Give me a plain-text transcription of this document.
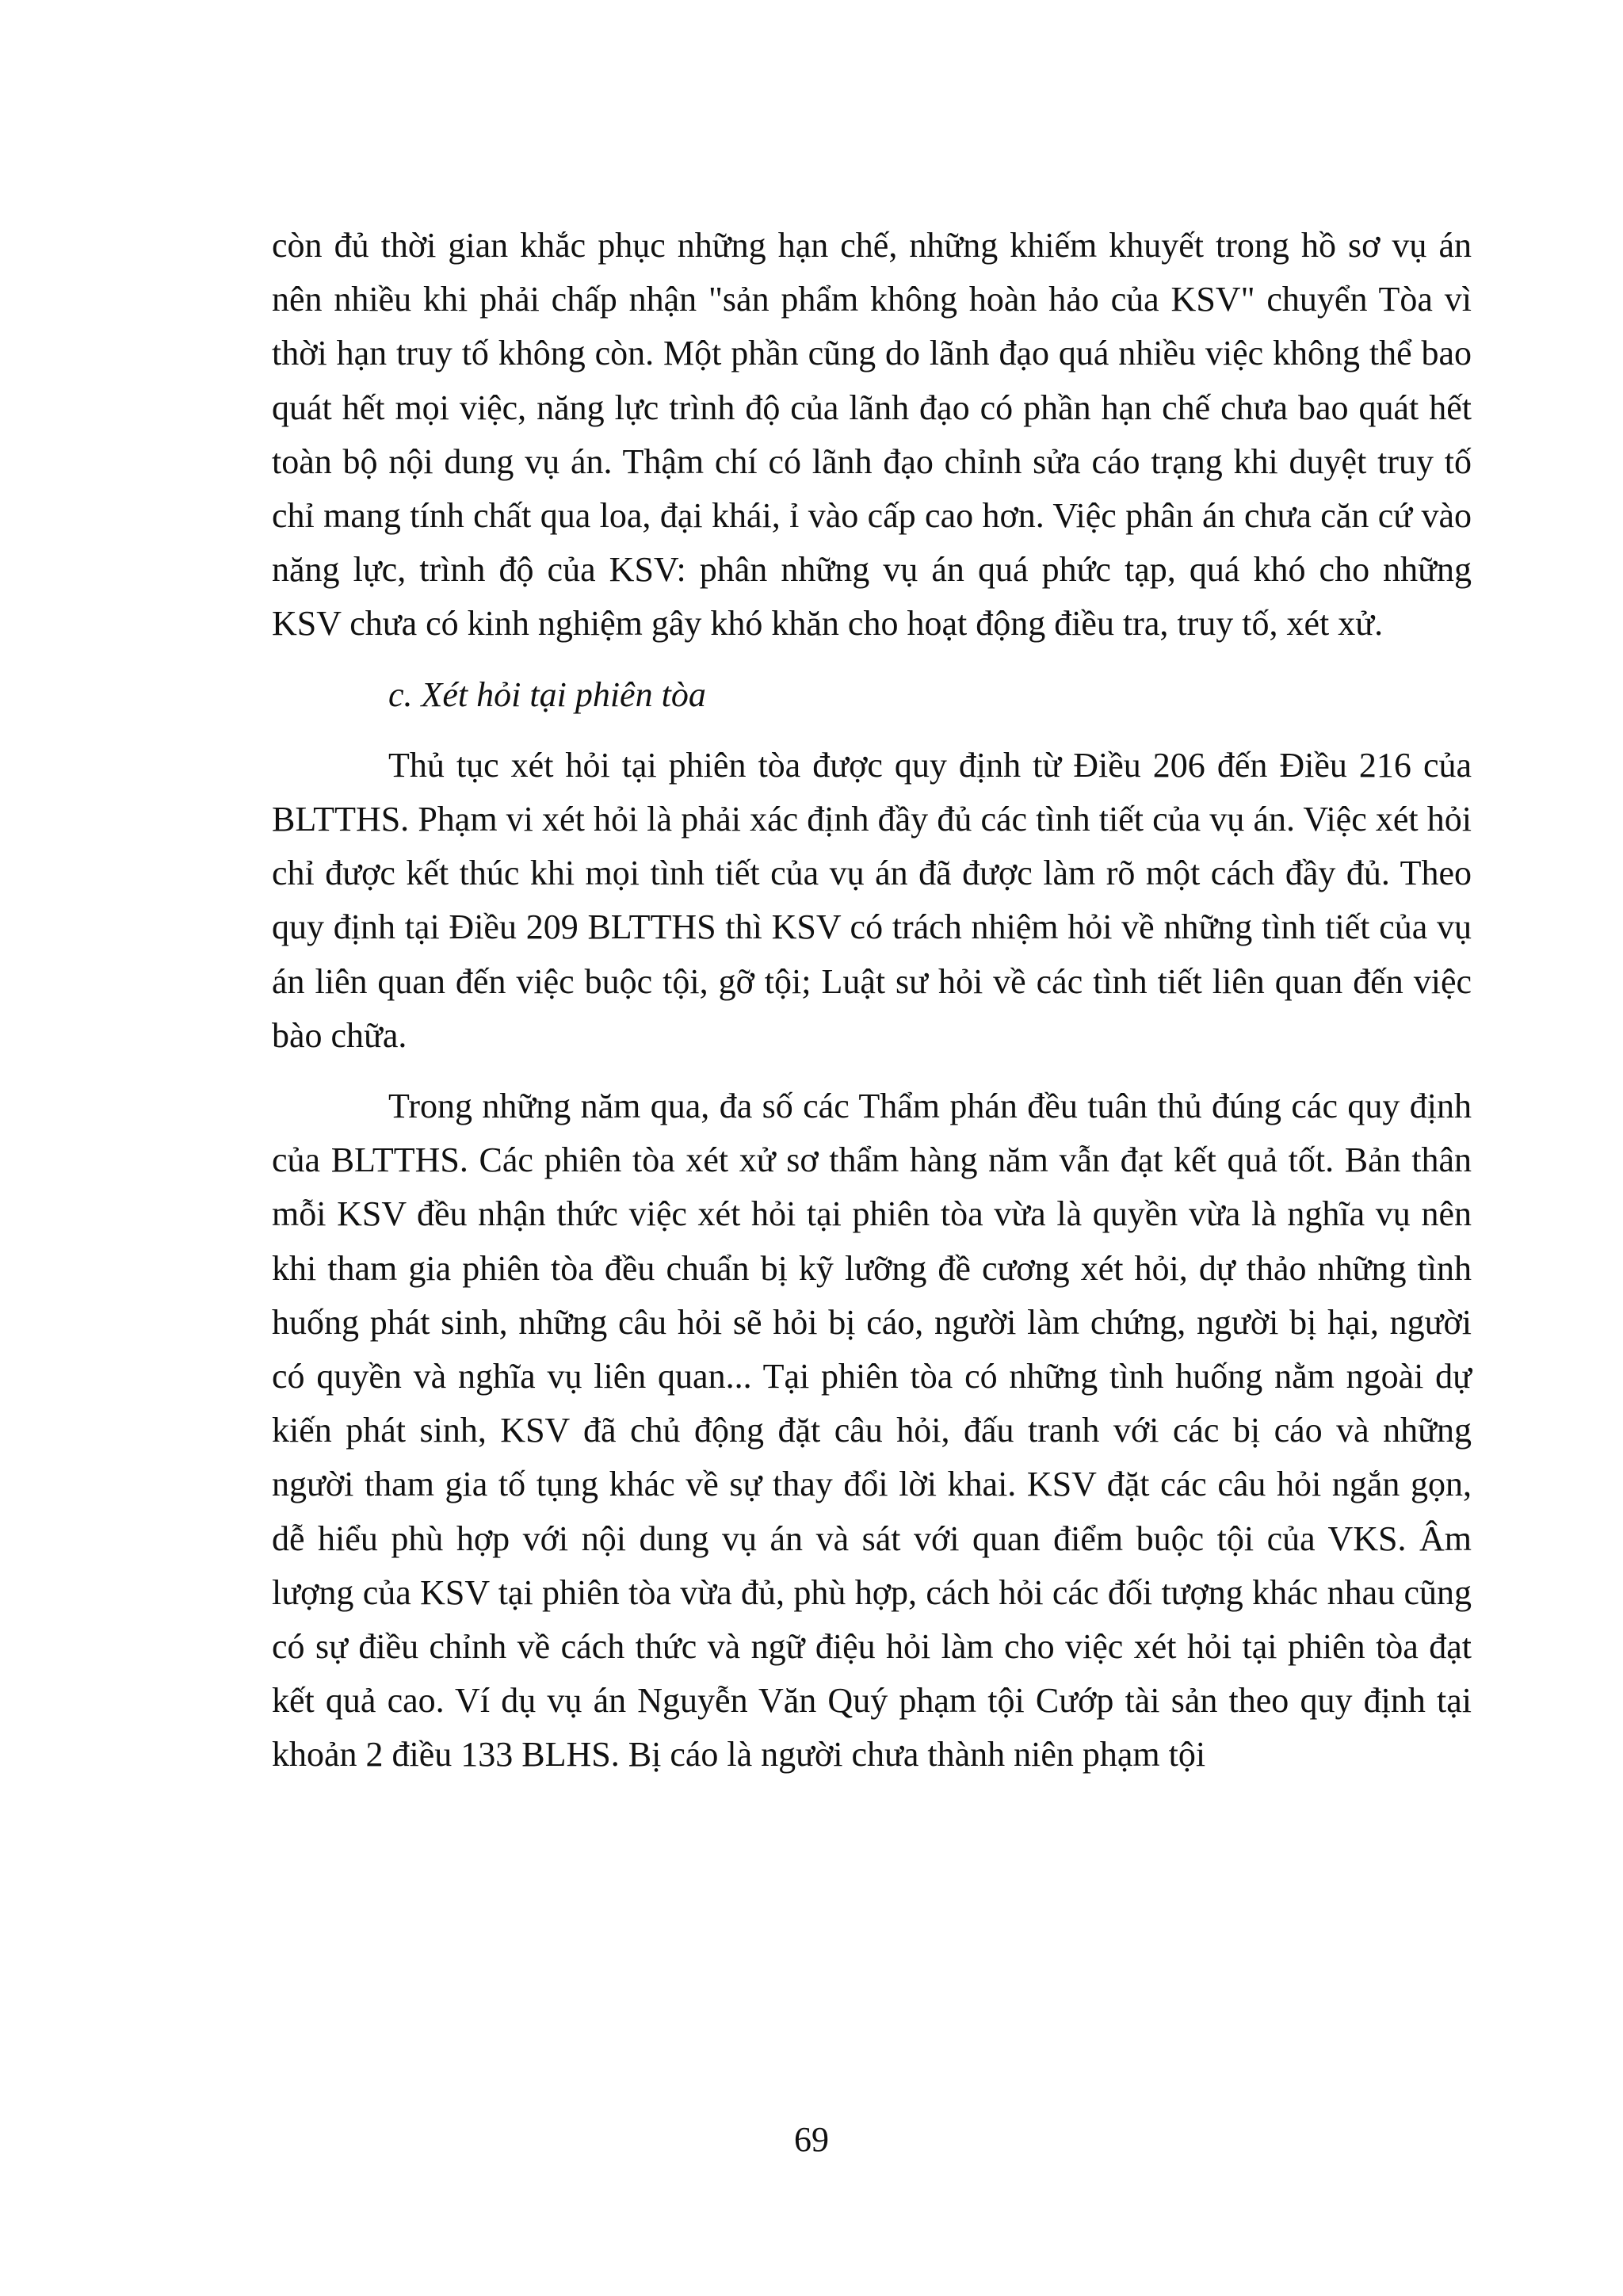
còn đủ thời gian khắc phục những hạn chế, những khiếm khuyết trong hồ sơ vụ án nên nhiều khi phải chấp nhận "sản phẩm không hoàn hảo của KSV" chuyển Tòa vì thời hạn truy tố không còn. Một phần cũng do lãnh đạo quá nhiều việc không thể bao quát hết mọi việc, năng lực trình độ của lãnh đạo có phần hạn chế chưa bao quát hết toàn bộ nội dung vụ án. Thậm chí có lãnh đạo chỉnh sửa cáo trạng khi duyệt truy tố chỉ mang tính chất qua loa, đại khái, ỉ vào cấp cao hơn. Việc phân án chưa căn cứ vào năng lực, trình độ của KSV: phân những vụ án quá phức tạp, quá khó cho những KSV chưa có kinh nghiệm gây khó khăn cho hoạt động điều tra, truy tố, xét xử.

c. Xét hỏi tại phiên tòa

Thủ tục xét hỏi tại phiên tòa được quy định từ Điều 206 đến Điều 216 của BLTTHS. Phạm vi xét hỏi là phải xác định đầy đủ các tình tiết của vụ án. Việc xét hỏi chỉ được kết thúc khi mọi tình tiết của vụ án đã được làm rõ một cách đầy đủ. Theo quy định tại Điều 209 BLTTHS thì KSV có trách nhiệm hỏi về những tình tiết của vụ án liên quan đến việc buộc tội, gỡ tội; Luật sư hỏi về các tình tiết liên quan đến việc bào chữa.

Trong những năm qua, đa số các Thẩm phán đều tuân thủ đúng các quy định của BLTTHS. Các phiên tòa xét xử sơ thẩm hàng năm vẫn đạt kết quả tốt. Bản thân mỗi KSV đều nhận thức việc xét hỏi tại phiên tòa vừa là quyền vừa là nghĩa vụ nên khi tham gia phiên tòa đều chuẩn bị kỹ lưỡng đề cương xét hỏi, dự thảo những tình huống phát sinh, những câu hỏi sẽ hỏi bị cáo, người làm chứng, người bị hại, người có quyền và nghĩa vụ liên quan... Tại phiên tòa có những tình huống nằm ngoài dự kiến phát sinh, KSV đã chủ động đặt câu hỏi, đấu tranh với các bị cáo và những người tham gia tố tụng khác về sự thay đổi lời khai. KSV đặt các câu hỏi ngắn gọn, dễ hiểu phù hợp với nội dung vụ án và sát với quan điểm buộc tội của VKS. Âm lượng của KSV tại phiên tòa vừa đủ, phù hợp, cách hỏi các đối tượng khác nhau cũng có sự điều chỉnh về cách thức và ngữ điệu hỏi làm cho việc xét hỏi tại phiên tòa đạt kết quả cao. Ví dụ vụ án Nguyễn Văn Quý phạm tội Cướp tài sản theo quy định tại khoản 2 điều 133 BLHS. Bị cáo là người chưa thành niên phạm tội

69
